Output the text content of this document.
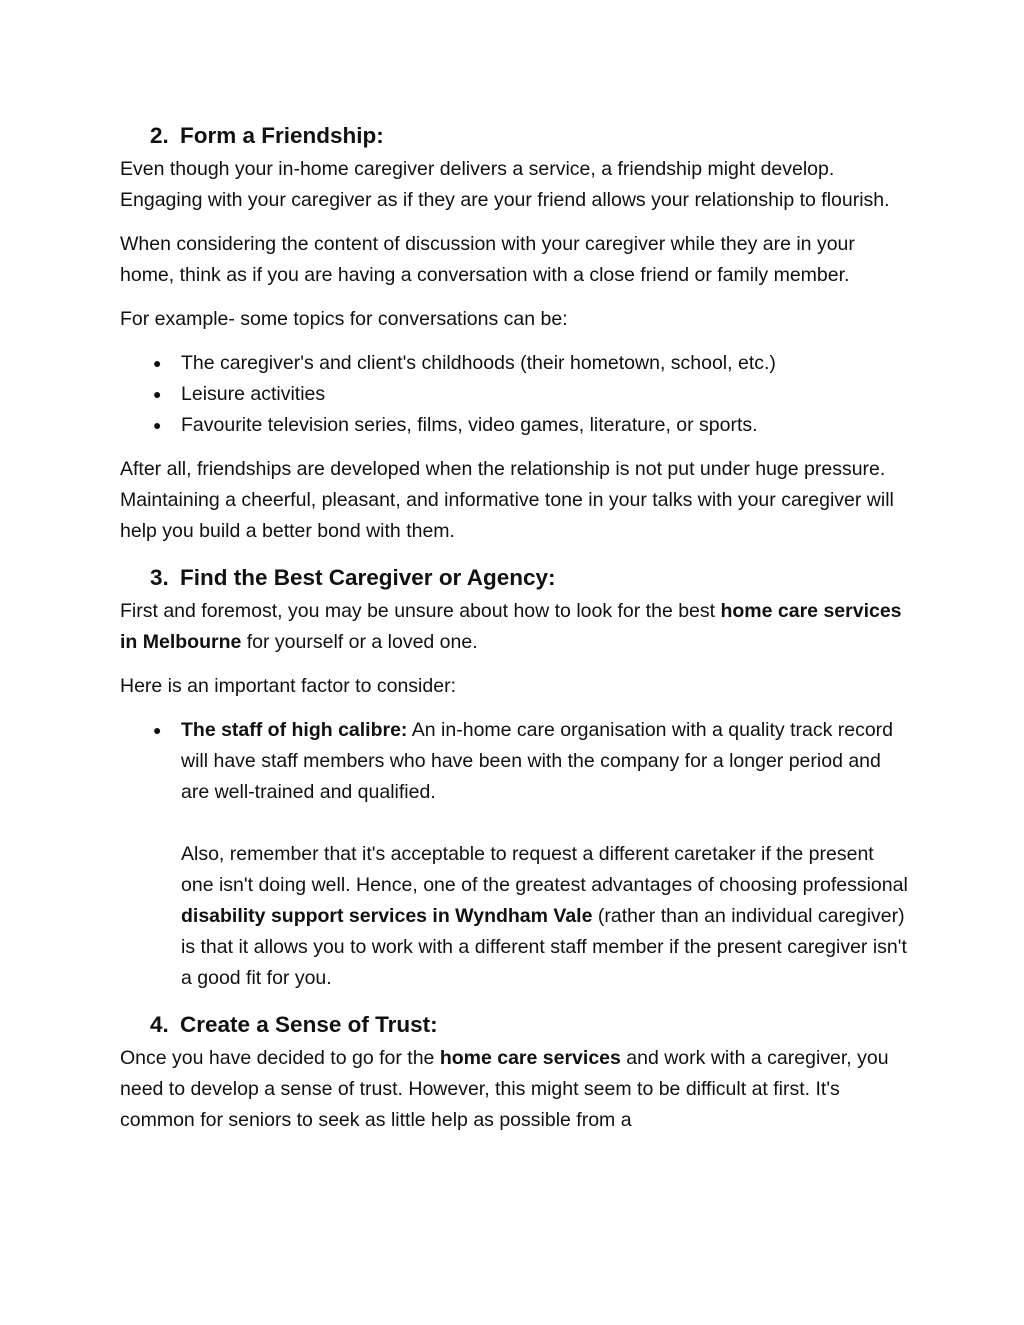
2. Form a Friendship:

Even though your in-home caregiver delivers a service, a friendship might develop. Engaging with your caregiver as if they are your friend allows your relationship to flourish.

When considering the content of discussion with your caregiver while they are in your home, think as if you are having a conversation with a close friend or family member.

For example- some topics for conversations can be:

● The caregiver's and client's childhoods (their hometown, school, etc.)
● Leisure activities
● Favourite television series, films, video games, literature, or sports.

After all, friendships are developed when the relationship is not put under huge pressure. Maintaining a cheerful, pleasant, and informative tone in your talks with your caregiver will help you build a better bond with them.

3. Find the Best Caregiver or Agency:

First and foremost, you may be unsure about how to look for the best home care services in Melbourne for yourself or a loved one.

Here is an important factor to consider:

● The staff of high calibre: An in-home care organisation with a quality track record will have staff members who have been with the company for a longer period and are well-trained and qualified.
Also, remember that it's acceptable to request a different caretaker if the present one isn't doing well. Hence, one of the greatest advantages of choosing professional disability support services in Wyndham Vale (rather than an individual caregiver) is that it allows you to work with a different staff member if the present caregiver isn't a good fit for you.
4. Create a Sense of Trust:

Once you have decided to go for the home care services and work with a caregiver, you need to develop a sense of trust. However, this might seem to be difficult at first. It's common for seniors to seek as little help as possible from a
